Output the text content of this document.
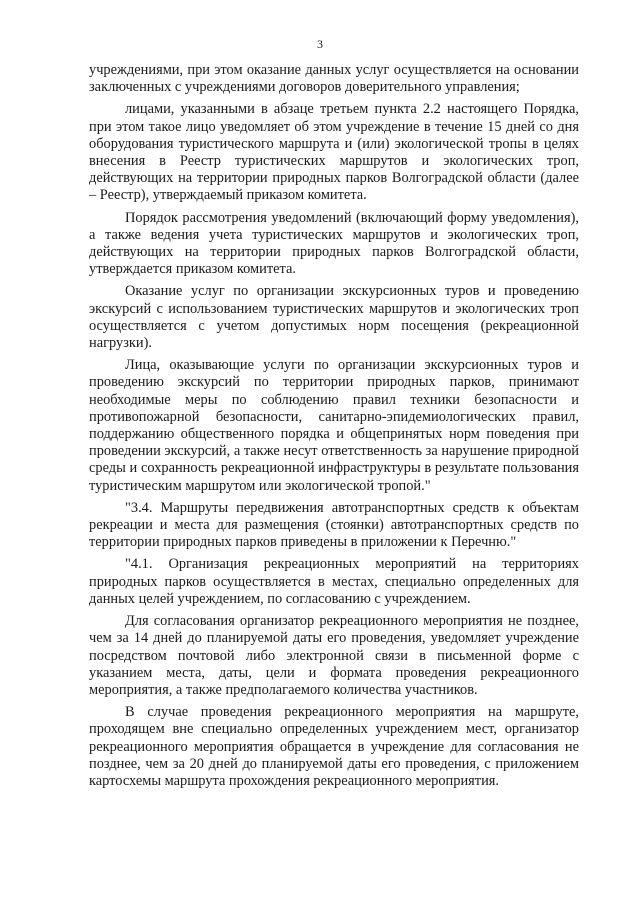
3

учреждениями, при этом оказание данных услуг осуществляется на основании заключенных с учреждениями договоров доверительного управления;

лицами, указанными в абзаце третьем пункта 2.2 настоящего Порядка, при этом такое лицо уведомляет об этом учреждение в течение 15 дней со дня оборудования туристического маршрута и (или) экологической тропы в целях внесения в Реестр туристических маршрутов и экологических троп, действующих на территории природных парков Волгоградской области (далее – Реестр), утверждаемый приказом комитета.

Порядок рассмотрения уведомлений (включающий форму уведомления), а также ведения учета туристических маршрутов и экологических троп, действующих на территории природных парков Волгоградской области, утверждается приказом комитета.

Оказание услуг по организации экскурсионных туров и проведению экскурсий с использованием туристических маршрутов и экологических троп осуществляется с учетом допустимых норм посещения (рекреационной нагрузки).

Лица, оказывающие услуги по организации экскурсионных туров и проведению экскурсий по территории природных парков, принимают необходимые меры по соблюдению правил техники безопасности и противопожарной безопасности, санитарно-эпидемиологических правил, поддержанию общественного порядка и общепринятых норм поведения при проведении экскурсий, а также несут ответственность за нарушение природной среды и сохранность рекреационной инфраструктуры в результате пользования туристическим маршрутом или экологической тропой."

"3.4. Маршруты передвижения автотранспортных средств к объектам рекреации и места для размещения (стоянки) автотранспортных средств по территории природных парков приведены в приложении к Перечню."

"4.1. Организация рекреационных мероприятий на территориях природных парков осуществляется в местах, специально определенных для данных целей учреждением, по согласованию с учреждением.

Для согласования организатор рекреационного мероприятия не позднее, чем за 14 дней до планируемой даты его проведения, уведомляет учреждение посредством почтовой либо электронной связи в письменной форме с указанием места, даты, цели и формата проведения рекреационного мероприятия, а также предполагаемого количества участников.

В случае проведения рекреационного мероприятия на маршруте, проходящем вне специально определенных учреждением мест, организатор рекреационного мероприятия обращается в учреждение для согласования не позднее, чем за 20 дней до планируемой даты его проведения, с приложением картосхемы маршрута прохождения рекреационного мероприятия.
